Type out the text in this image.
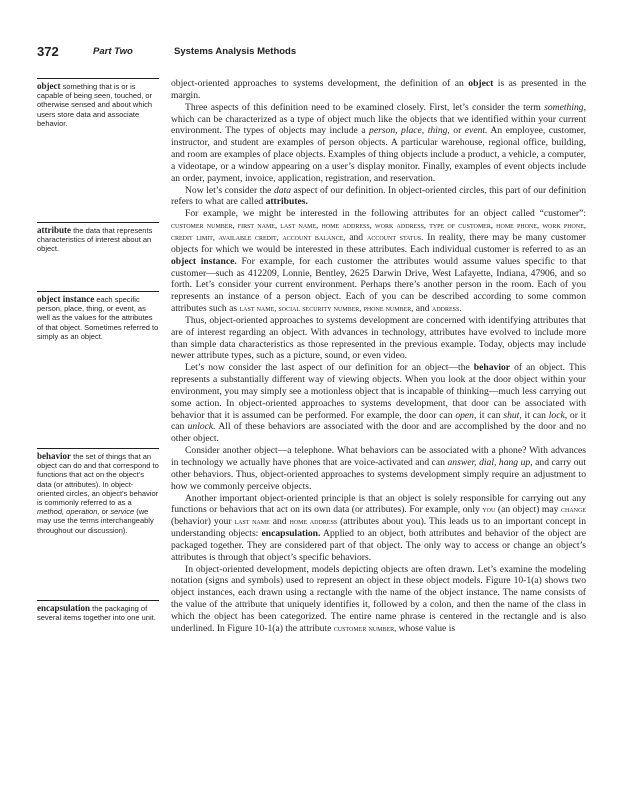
372	Part Two	Systems Analysis Methods
object something that is or is capable of being seen, touched, or otherwise sensed and about which users store data and associate behavior.
attribute the data that represents characteristics of interest about an object.
object instance each specific person, place, thing, or event, as well as the values for the attributes of that object. Sometimes referred to simply as an object.
behavior the set of things that an object can do and that correspond to functions that act on the object’s data (or attributes). In object-oriented circles, an object’s behavior is commonly referred to as a method, operation, or service (we may use the terms interchangeably throughout our discussion).
encapsulation the packaging of several items together into one unit.

object-oriented approaches to systems development, the definition of an object is as presented in the margin.

Three aspects of this definition need to be examined closely. First, let’s consider the term something, which can be characterized as a type of object much like the objects that we identified within your current environment. The types of objects may include a person, place, thing, or event. An employee, customer, instructor, and student are examples of person objects. A particular warehouse, regional office, building, and room are examples of place objects. Examples of thing objects include a product, a vehicle, a computer, a videotape, or a window appearing on a user’s display monitor. Finally, examples of event objects include an order, payment, invoice, application, registration, and reservation.

Now let’s consider the data aspect of our definition. In object-oriented circles, this part of our definition refers to what are called attributes.

For example, we might be interested in the following attributes for an object called “customer”: customer number, first name, last name, home address, work address, type of customer, home phone, work phone, credit limit, available credit, account balance, and account status. In reality, there may be many customer objects for which we would be interested in these attributes. Each individual customer is referred to as an object instance. For example, for each customer the attributes would assume values specific to that customer—such as 412209, Lonnie, Bentley, 2625 Darwin Drive, West Lafayette, Indiana, 47906, and so forth. Let’s consider your current environment. Perhaps there’s another person in the room. Each of you represents an instance of a person object. Each of you can be described according to some common attributes such as last name, social security number, phone number, and address.

Thus, object-oriented approaches to systems development are concerned with identifying attributes that are of interest regarding an object. With advances in technology, attributes have evolved to include more than simple data characteristics as those represented in the previous example. Today, objects may include newer attribute types, such as a picture, sound, or even video.

Let’s now consider the last aspect of our definition for an object—the behavior of an object. This represents a substantially different way of viewing objects. When you look at the door object within your environment, you may simply see a motionless object that is incapable of thinking—much less carrying out some action. In object-oriented approaches to systems development, that door can be associated with behavior that it is assumed can be performed. For example, the door can open, it can shut, it can lock, or it can unlock. All of these behaviors are associated with the door and are accomplished by the door and no other object.

Consider another object—a telephone. What behaviors can be associated with a phone? With advances in technology we actually have phones that are voice-activated and can answer, dial, hang up, and carry out other behaviors. Thus, object-oriented approaches to systems development simply require an adjustment to how we commonly perceive objects.

Another important object-oriented principle is that an object is solely responsible for carrying out any functions or behaviors that act on its own data (or attributes). For example, only you (an object) may change (behavior) your last name and home address (attributes about you). This leads us to an important concept in understanding objects: encapsulation. Applied to an object, both attributes and behavior of the object are packaged together. They are considered part of that object. The only way to access or change an object’s attributes is through that object’s specific behaviors.

In object-oriented development, models depicting objects are often drawn. Let’s examine the modeling notation (signs and symbols) used to represent an object in these object models. Figure 10-1(a) shows two object instances, each drawn using a rectangle with the name of the object instance. The name consists of the value of the attribute that uniquely identifies it, followed by a colon, and then the name of the class in which the object has been categorized. The entire name phrase is centered in the rectangle and is also underlined. In Figure 10-1(a) the attribute customer number, whose value is
